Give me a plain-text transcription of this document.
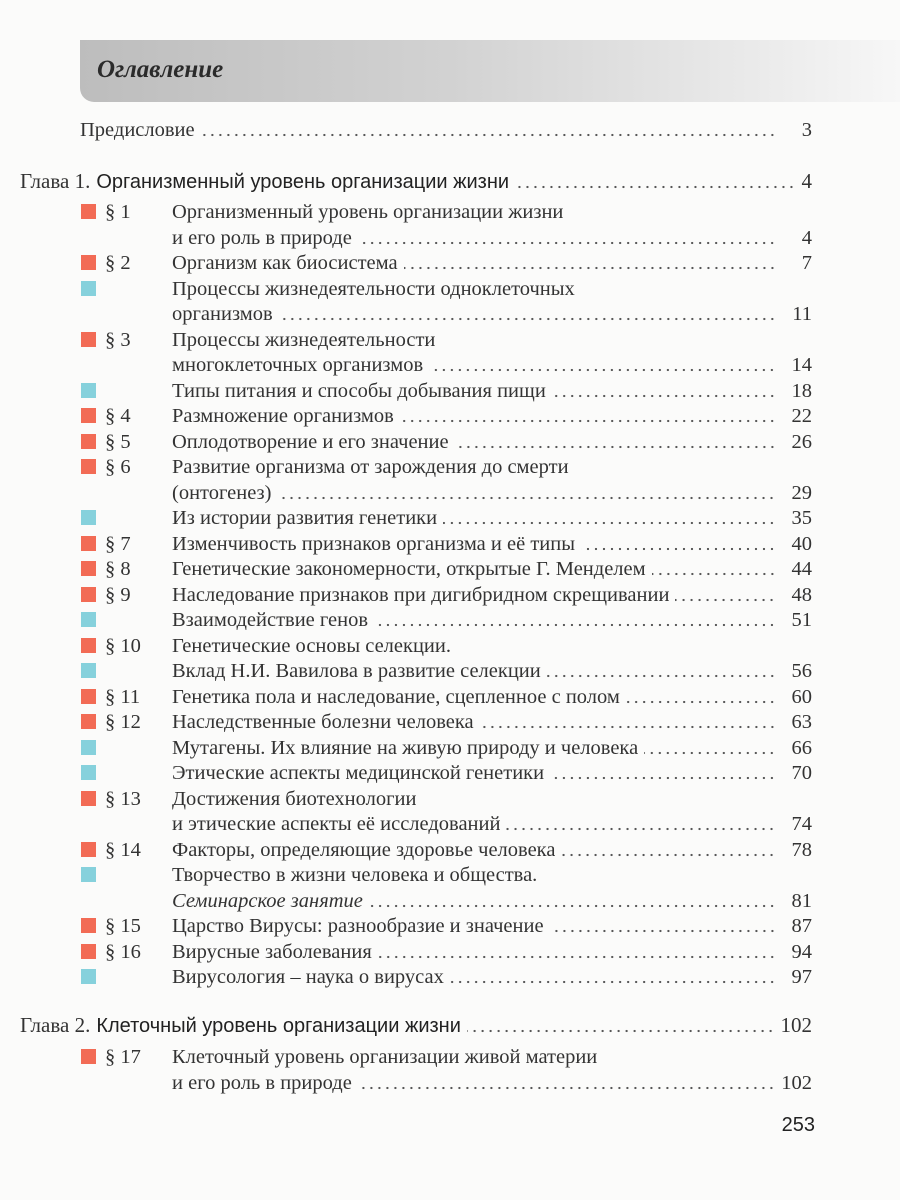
Оглавление
Предисловие	3
Глава 1. Организменный уровень организации жизни	4
§ 1	Организменный уровень организации жизни
и его роль в природе	4
§ 2	Организм как биосистема	7
Процессы жизнедеятельности одноклеточных
организмов	11
§ 3	Процессы жизнедеятельности
многоклеточных организмов	14
Типы питания и способы добывания пищи	18
§ 4	Размножение организмов	22
§ 5	Оплодотворение и его значение	26
§ 6	Развитие организма от зарождения до смерти
(онтогенез)	29
Из истории развития генетики	35
§ 7	Изменчивость признаков организма и её типы	40
§ 8	Генетические закономерности, открытые Г. Менделем	44
§ 9	Наследование признаков при дигибридном скрещивании	48
Взаимодействие генов	51
§ 10	Генетические основы селекции.
Вклад Н.И. Вавилова в развитие селекции	56
§ 11	Генетика пола и наследование, сцепленное с полом	60
§ 12	Наследственные болезни человека	63
Мутагены. Их влияние на живую природу и человека	66
Этические аспекты медицинской генетики	70
§ 13	Достижения биотехнологии
и этические аспекты её исследований	74
§ 14	Факторы, определяющие здоровье человека	78
Творчество в жизни человека и общества.
Семинарское занятие	81
§ 15	Царство Вирусы: разнообразие и значение	87
§ 16	Вирусные заболевания	94
Вирусология – наука о вирусах	97
Глава 2. Клеточный уровень организации жизни	102
§ 17	Клеточный уровень организации живой материи
и его роль в природе	102
253
